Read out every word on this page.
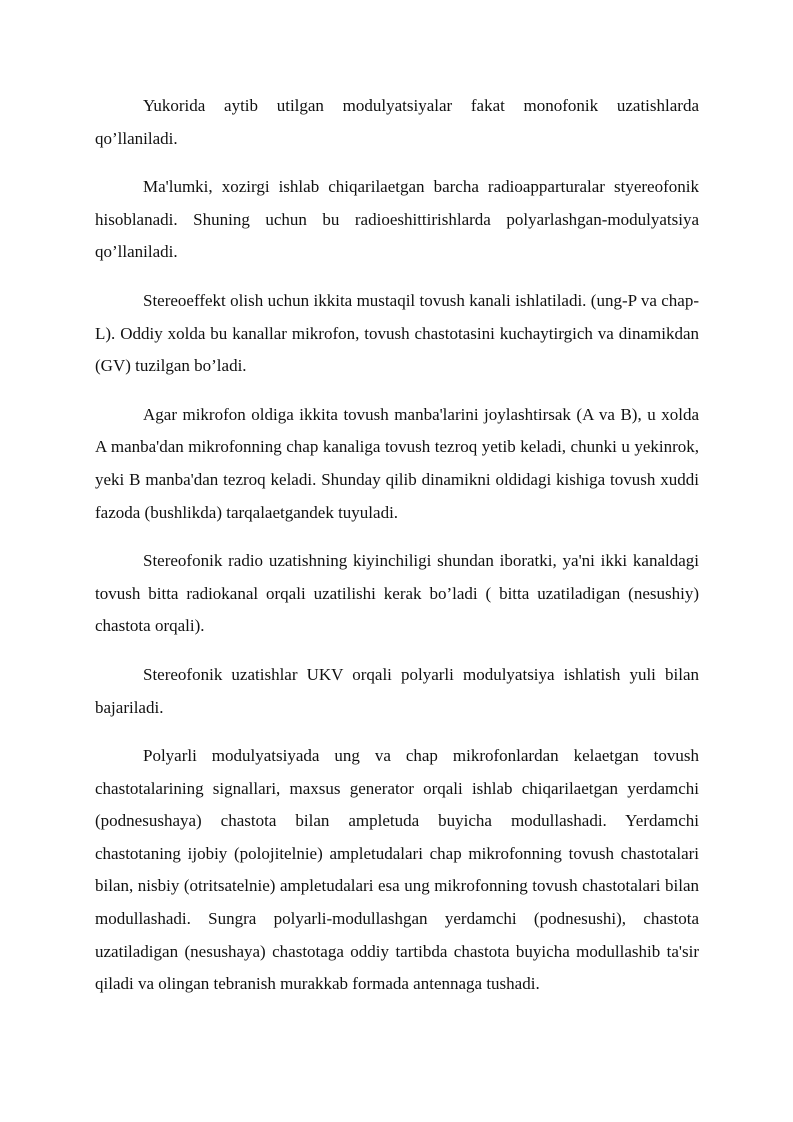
Yukorida aytib utilgan modulyatsiyalar fakat monofonik uzatishlarda qo’llaniladi.

Ma'lumki, xozirgi ishlab chiqarilaetgan barcha radioapparturalar styereofonik hisoblanadi. Shuning uchun bu radioeshittirishlarda polyarlashgan-modulyatsiya qo’llaniladi.

Stereoeffekt olish uchun ikkita mustaqil tovush kanali ishlatiladi. (ung-P va chap-L). Oddiy xolda bu kanallar mikrofon, tovush chastotasini kuchaytirgich va dinamikdan (GV) tuzilgan bo’ladi.

Agar mikrofon oldiga ikkita tovush manba'larini joylashtirsak (A va B), u xolda A manba'dan mikrofonning chap kanaliga tovush tezroq yetib keladi, chunki u yekinrok, yeki B manba'dan tezroq keladi. Shunday qilib dinamikni oldidagi kishiga tovush xuddi fazoda (bushlikda) tarqalaetgandek tuyuladi.

Stereofonik radio uzatishning kiyinchiligi shundan iboratki, ya'ni ikki kanaldagi tovush bitta radiokanal orqali uzatilishi kerak bo’ladi ( bitta uzatiladigan (nesushiy) chastota orqali).

Stereofonik uzatishlar UKV orqali polyarli modulyatsiya ishlatish yuli bilan bajariladi.

Polyarli modulyatsiyada ung va chap mikrofonlardan kelaetgan tovush chastotalarining signallari, maxsus generator orqali ishlab chiqarilaetgan yerdamchi (podnesushaya) chastota bilan ampletuda buyicha modullashadi. Yerdamchi chastotaning ijobiy (polojitelnie) ampletudalari chap mikrofonning tovush chastotalari bilan, nisbiy (otritsatelnie) ampletudalari esa ung mikrofonning tovush chastotalari bilan modullashadi. Sungra polyarli-modullashgan yerdamchi (podnesushi), chastota uzatiladigan (nesushaya) chastotaga oddiy tartibda chastota buyicha modullashib ta'sir qiladi va olingan tebranish murakkab formada antennaga tushadi.
